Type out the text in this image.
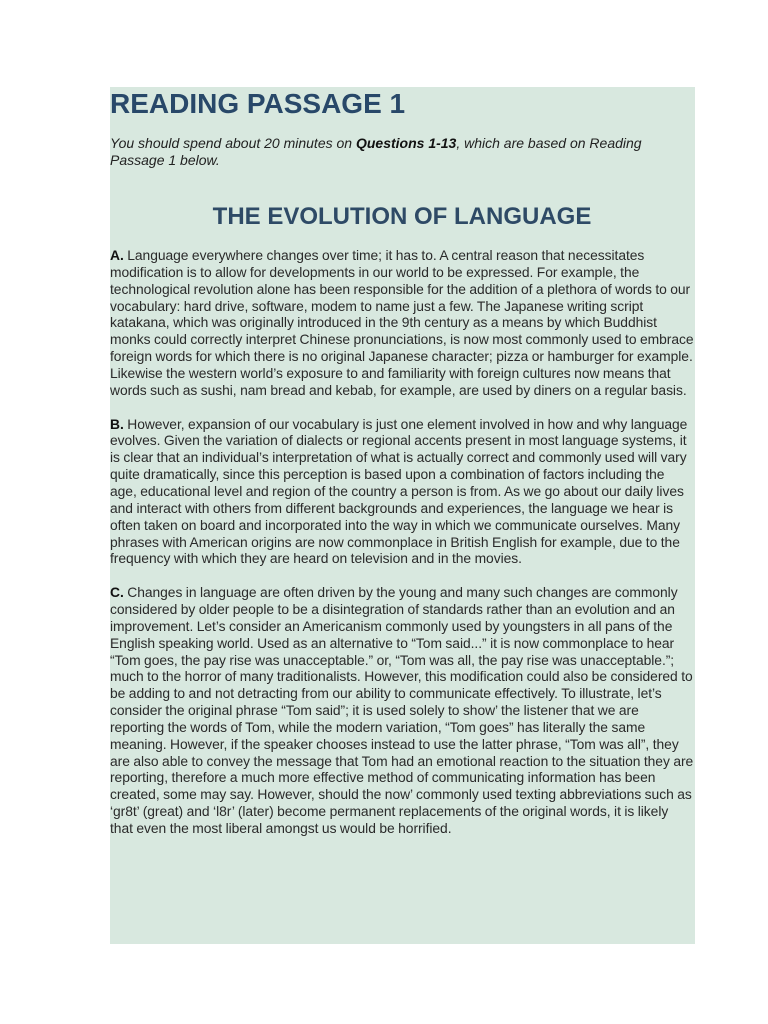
READING PASSAGE 1

You should spend about 20 minutes on Questions 1-13, which are based on Reading Passage 1 below.

THE EVOLUTION OF LANGUAGE

A. Language everywhere changes over time; it has to. A central reason that necessitates modification is to allow for developments in our world to be expressed. For example, the technological revolution alone has been responsible for the addition of a plethora of words to our vocabulary: hard drive, software, modem to name just a few. The Japanese writing script katakana, which was originally introduced in the 9th century as a means by which Buddhist monks could correctly interpret Chinese pronunciations, is now most commonly used to embrace foreign words for which there is no original Japanese character; pizza or hamburger for example. Likewise the western world’s exposure to and familiarity with foreign cultures now means that words such as sushi, nam bread and kebab, for example, are used by diners on a regular basis.

B. However, expansion of our vocabulary is just one element involved in how and why language evolves. Given the variation of dialects or regional accents present in most language systems, it is clear that an individual’s interpretation of what is actually correct and commonly used will vary quite dramatically, since this perception is based upon a combination of factors including the age, educational level and region of the country a person is from. As we go about our daily lives and interact with others from different backgrounds and experiences, the language we hear is often taken on board and incorporated into the way in which we communicate ourselves. Many phrases with American origins are now commonplace in British English for example, due to the frequency with which they are heard on television and in the movies.

C. Changes in language are often driven by the young and many such changes are commonly considered by older people to be a disintegration of standards rather than an evolution and an improvement. Let’s consider an Americanism commonly used by youngsters in all pans of the English speaking world. Used as an alternative to “Tom said...” it is now commonplace to hear “Tom goes, the pay rise was unacceptable.” or, “Tom was all, the pay rise was unacceptable.”; much to the horror of many traditionalists. However, this modification could also be considered to be adding to and not detracting from our ability to communicate effectively. To illustrate, let’s consider the original phrase “Tom said”; it is used solely to show’ the listener that we are reporting the words of Tom, while the modern variation, “Tom goes” has literally the same meaning. However, if the speaker chooses instead to use the latter phrase, “Tom was all”, they are also able to convey the message that Tom had an emotional reaction to the situation they are reporting, therefore a much more effective method of communicating information has been created, some may say. However, should the now’ commonly used texting abbreviations such as ‘gr8t’ (great) and ‘l8r’ (later) become permanent replacements of the original words, it is likely that even the most liberal amongst us would be horrified.
